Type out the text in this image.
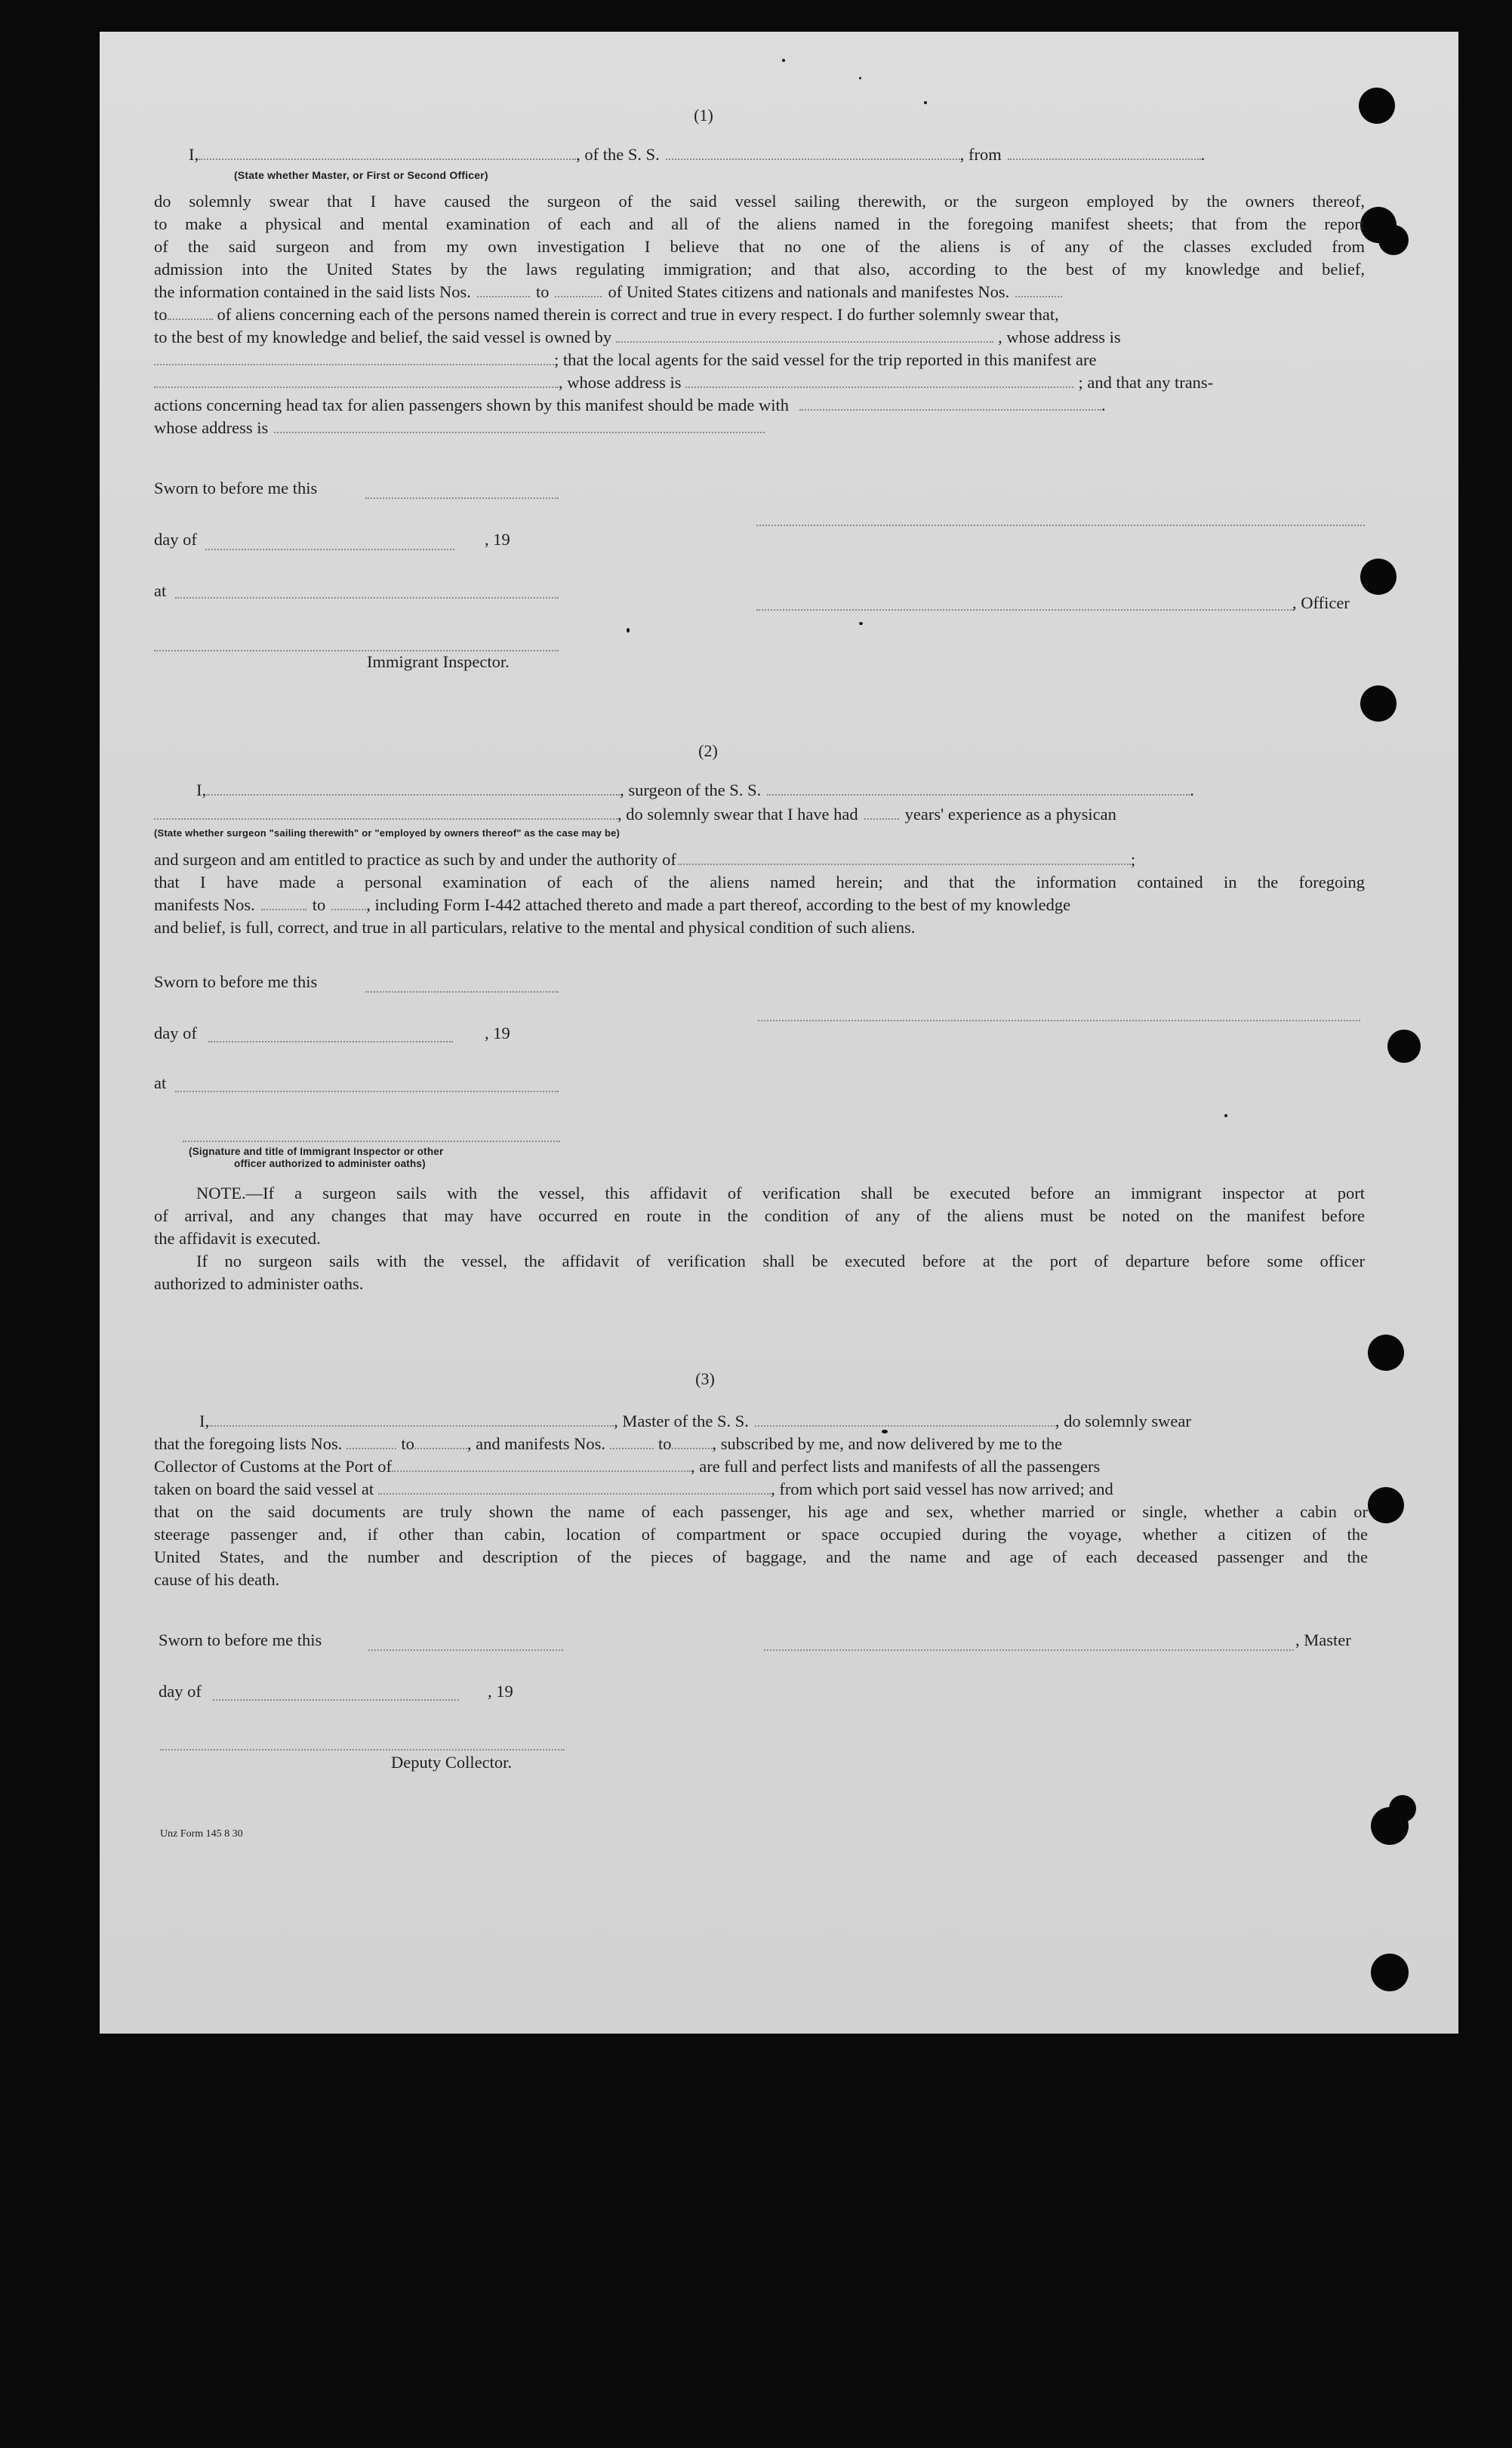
(1)
I,	, of the S. S.	, from	.
(State whether Master, or First or Second Officer)
do solemnly swear that I have caused the surgeon of the said vessel sailing therewith, or the surgeon employed by the owners thereof,
to make a physical and mental examination of each and all of the aliens named in the foregoing manifest sheets; that from the report
of the said surgeon and from my own investigation I believe that no one of the aliens is of any of the classes excluded from
admission into the United States by the laws regulating immigration; and that also, according to the best of my knowledge and belief,
the information contained in the said lists Nos.	to	of United States citizens and nationals and manifestes Nos.
to	of aliens concerning each of the persons named therein is correct and true in every respect. I do further solemnly swear that,
to the best of my knowledge and belief, the said vessel is owned by	, whose address is
; that the local agents for the said vessel for the trip reported in this manifest are
, whose address is	; and that any trans-
actions concerning head tax for alien passengers shown by this manifest should be made with	.
whose address is
Sworn to before me this
day of	, 19
at
, Officer
Immigrant Inspector.
(2)
I,	, surgeon of the S. S.	.
, do solemnly swear that I have had	years' experience as a physican
(State whether surgeon "sailing therewith" or "employed by owners thereof" as the case may be)
and surgeon and am entitled to practice as such by and under the authority of	;
that I have made a personal examination of each of the aliens named herein; and that the information contained in the foregoing
manifests Nos.	to , including Form I-442 attached thereto and made a part thereof, according to the best of my knowledge
and belief, is full, correct, and true in all particulars, relative to the mental and physical condition of such aliens.
Sworn to before me this
day of	, 19
at
(Signature and title of Immigrant Inspector or other
officer authorized to administer oaths)
NOTE.—If a surgeon sails with the vessel, this affidavit of verification shall be executed before an immigrant inspector at port
of arrival, and any changes that may have occurred en route in the condition of any of the aliens must be noted on the manifest before
the affidavit is executed.
If no surgeon sails with the vessel, the affidavit of verification shall be executed before at the port of departure before some officer
authorized to administer oaths.
(3)
I,	, Master of the S. S.	, do solemnly swear
that the foregoing lists Nos.	to	, and manifests Nos.	to , subscribed by me, and now delivered by me to the
Collector of Customs at the Port of	, are full and perfect lists and manifests of all the passengers
taken on board the said vessel at	, from which port said vessel has now arrived; and
that on the said documents are truly shown the name of each passenger, his age and sex, whether married or single, whether a cabin or
steerage passenger and, if other than cabin, location of compartment or space occupied during the voyage, whether a citizen of the
United States, and the number and description of the pieces of baggage, and the name and age of each deceased passenger and the
cause of his death.
Sworn to before me this	, Master
day of	, 19
Deputy Collector.
Unz Form 145 8 30
